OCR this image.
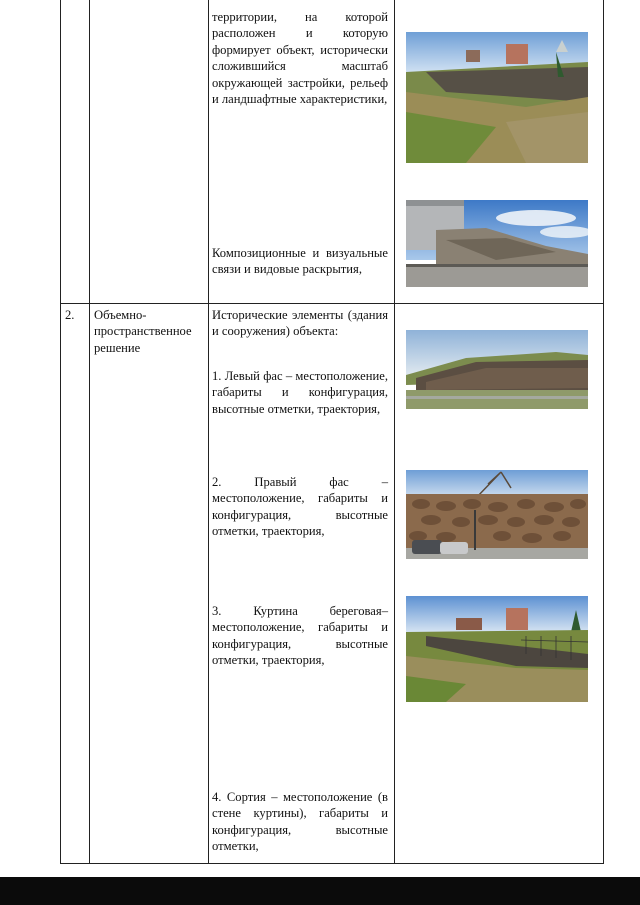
территории, на которой расположен и которую формирует объект, исторически сложившийся масштаб окружающей застройки, рельеф и ландшафтные характеристики,

Композиционные и визуальные связи и видовые раскрытия,

2.	Объемно-пространственное решение

Исторические элементы (здания и сооружения) объекта:

1. Левый фас – местоположение, габариты и конфигурация, высотные отметки, траектория,

2. Правый фас – местоположение, габариты и конфигурация, высотные отметки, траектория,

3. Куртина береговая– местоположение, габариты и конфигурация, высотные отметки, траектория,

4. Сортия – местоположение (в стене куртины), габариты и конфигурация, высотные отметки,
